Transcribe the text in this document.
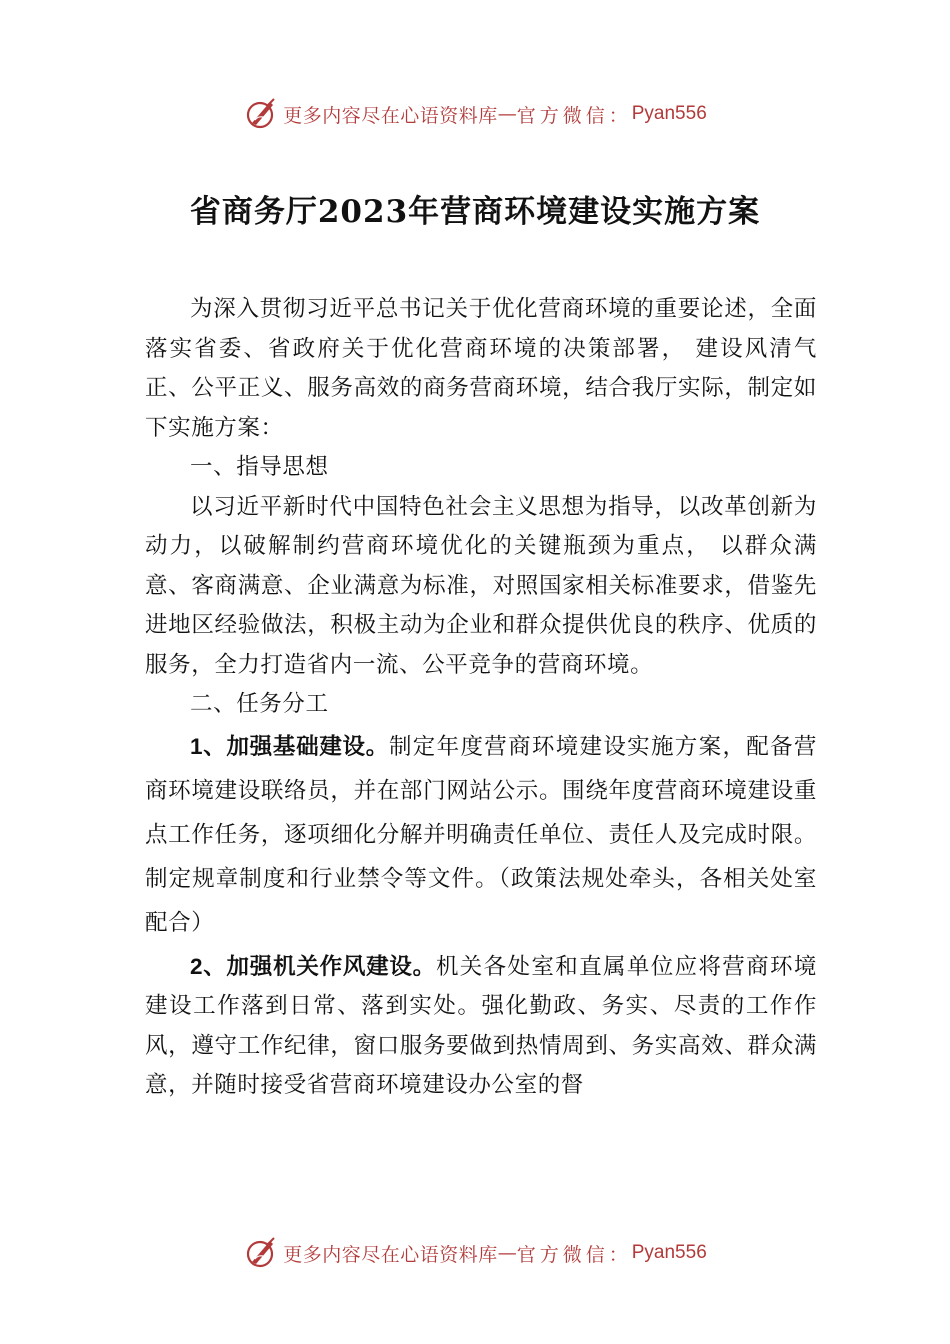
更多内容尽在心语资料库 — 官方微信： Pyan556
省商务厅2023年营商环境建设实施方案

为深入贯彻习近平总书记关于优化营商环境的重要论述，全面落实省委、省政府关于优化营商环境的决策部署， 建设风清气正、公平正义、服务高效的商务营商环境，结合我厅实际，制定如下实施方案：

一、指导思想

以习近平新时代中国特色社会主义思想为指导，以改革创新为动力，以破解制约营商环境优化的关键瓶颈为重点， 以群众满意、客商满意、企业满意为标准，对照国家相关标准要求，借鉴先进地区经验做法，积极主动为企业和群众提供优良的秩序、优质的服务，全力打造省内一流、公平竞争的营商环境。

二、任务分工

1、加强基础建设。制定年度营商环境建设实施方案，配备营商环境建设联络员，并在部门网站公示。围绕年度营商环境建设重点工作任务，逐项细化分解并明确责任单位、责任人及完成时限。制定规章制度和行业禁令等文件。（政策法规处牵头，各相关处室配合）

2、加强机关作风建设。机关各处室和直属单位应将营商环境建设工作落到日常、落到实处。强化勤政、务实、尽责的工作作风，遵守工作纪律，窗口服务要做到热情周到、务实高效、群众满意，并随时接受省营商环境建设办公室的督

更多内容尽在心语资料库 — 官方微信： Pyan556
